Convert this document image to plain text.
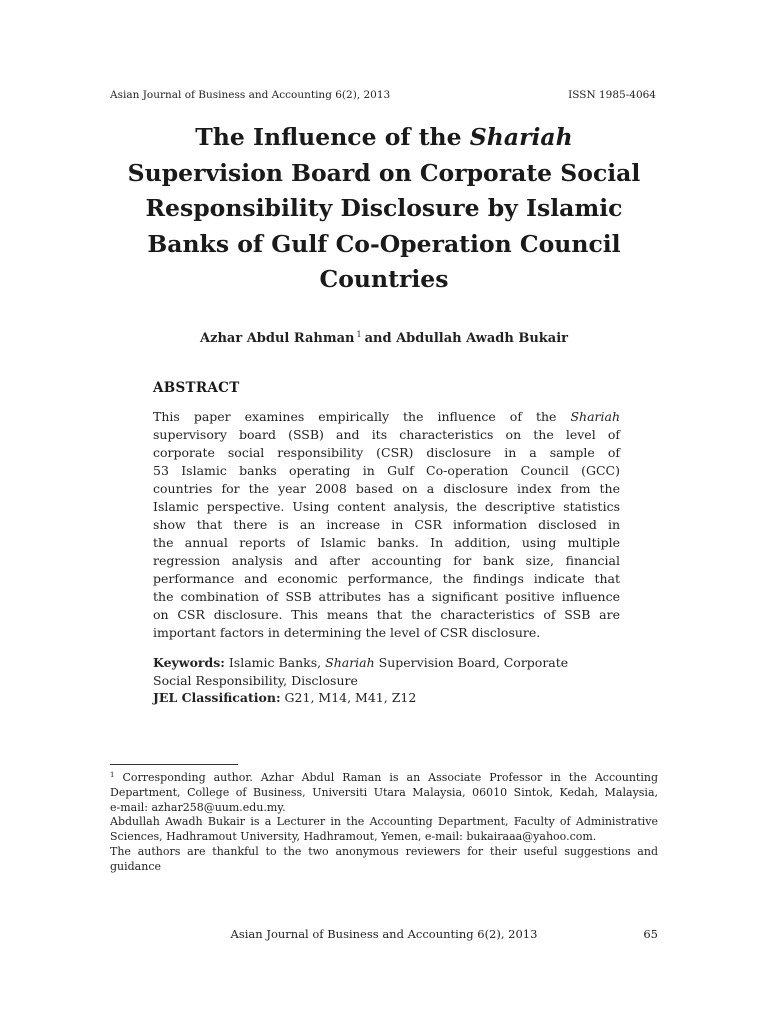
Asian Journal of Business and Accounting 6(2), 2013	ISSN 1985-4064
The Influence of the Shariah
Supervision Board on Corporate Social
Responsibility Disclosure by Islamic
Banks of Gulf Co-Operation Council
Countries
Azhar Abdul Rahman $^1$ and Abdullah Awadh Bukair
ABSTRACT
This paper examines empirically the influence of the Shariah
supervisory board (SSB) and its characteristics on the level of
corporate social responsibility (CSR) disclosure in a sample of
53 Islamic banks operating in Gulf Co-operation Council (GCC)
countries for the year 2008 based on a disclosure index from the
Islamic perspective. Using content analysis, the descriptive statistics
show that there is an increase in CSR information disclosed in
the annual reports of Islamic banks. In addition, using multiple
regression analysis and after accounting for bank size, financial
performance and economic performance, the findings indicate that
the combination of SSB attributes has a significant positive influence
on CSR disclosure. This means that the characteristics of SSB are
important factors in determining the level of CSR disclosure.
Keywords: Islamic Banks, Shariah Supervision Board, Corporate
Social Responsibility, Disclosure
JEL Classification: G21, M14, M41, Z12
$^1$ Corresponding author. Azhar Abdul Raman is an Associate Professor in the Accounting
Department, College of Business, Universiti Utara Malaysia, 06010 Sintok, Kedah, Malaysia,
e-mail: azhar258@uum.edu.my.
Abdullah Awadh Bukair is a Lecturer in the Accounting Department, Faculty of Administrative
Sciences, Hadhramout University, Hadhramout, Yemen, e-mail: bukairaaa@yahoo.com.
The authors are thankful to the two anonymous reviewers for their useful suggestions and
guidance
Asian Journal of Business and Accounting 6(2), 2013	65
